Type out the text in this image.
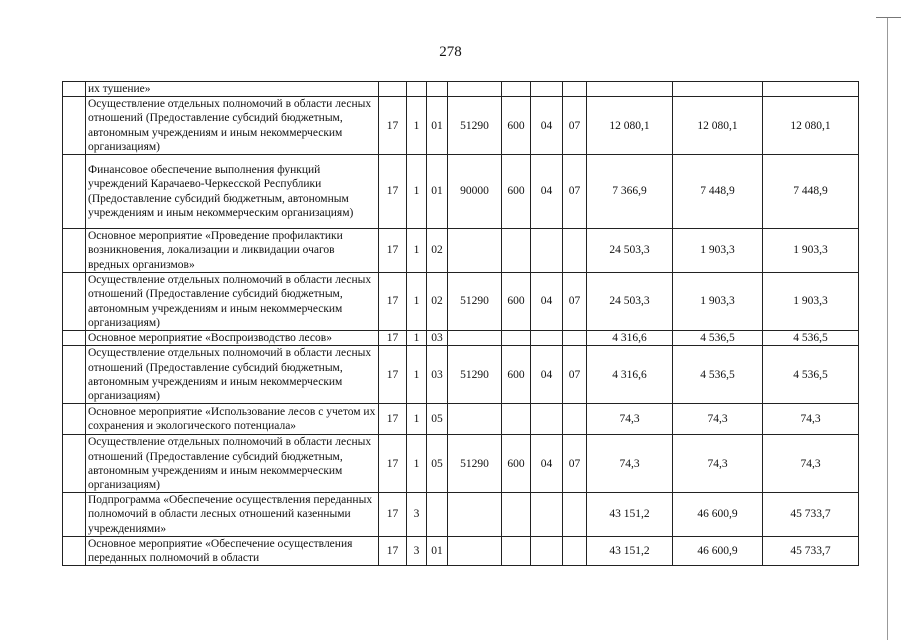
278
	их тушение»										
	Осуществление отдельных полномочий в области лесных отношений (Предоставление субсидий бюджетным, автономным учреждениям и иным некоммерческим организациям)	17	1	01	51290	600	04	07	12 080,1	12 080,1	12 080,1
	Финансовое обеспечение выполнения функций учреждений Карачаево-Черкесской Республики (Предоставление субсидий бюджетным, автономным учреждениям и иным некоммерческим организациям)	17	1	01	90000	600	04	07	7 366,9	7 448,9	7 448,9
	Основное мероприятие «Проведение профилактики возникновения, локализации и ликвидации очагов вредных организмов»	17	1	02					24 503,3	1 903,3	1 903,3
	Осуществление отдельных полномочий в области лесных отношений (Предоставление субсидий бюджетным, автономным учреждениям и иным некоммерческим организациям)	17	1	02	51290	600	04	07	24 503,3	1 903,3	1 903,3
	Основное мероприятие «Воспроизводство лесов»	17	1	03					4 316,6	4 536,5	4 536,5
	Осуществление отдельных полномочий в области лесных отношений (Предоставление субсидий бюджетным, автономным учреждениям и иным некоммерческим организациям)	17	1	03	51290	600	04	07	4 316,6	4 536,5	4 536,5
	Основное мероприятие «Использование лесов с учетом их сохранения и экологического потенциала»	17	1	05					74,3	74,3	74,3
	Осуществление отдельных полномочий в области лесных отношений (Предоставление субсидий бюджетным, автономным учреждениям и иным некоммерческим организациям)	17	1	05	51290	600	04	07	74,3	74,3	74,3
	Подпрограмма «Обеспечение осуществления переданных полномочий в области лесных отношений казенными учреждениями»	17	3						43 151,2	46 600,9	45 733,7
	Основное мероприятие «Обеспечение осуществления переданных полномочий в области	17	3	01					43 151,2	46 600,9	45 733,7
